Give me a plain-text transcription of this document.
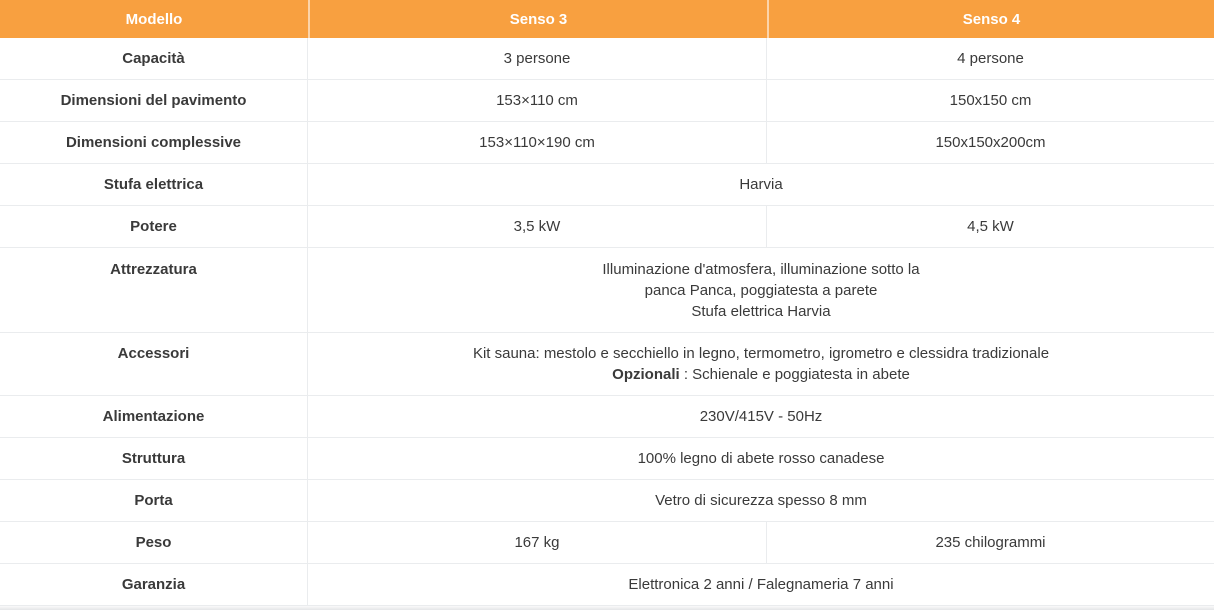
Modello	Senso 3	Senso 4
Capacità	3 persone	4 persone
Dimensioni del pavimento	153×110 cm	150x150 cm
Dimensioni complessive	153×110×190 cm	150x150x200cm
Stufa elettrica	Harvia	
Potere	3,5 kW	4,5 kW
Attrezzatura	Illuminazione d'atmosfera, illuminazione sotto la
panca Panca, poggiatesta a parete
Stufa elettrica Harvia	

Accessori	Kit sauna: mestolo e secchiello in legno, termometro, igrometro e clessidra tradizionale
Opzionali : Schienale e poggiatesta in abete	

Alimentazione	230V/415V - 50Hz	
Struttura	100% legno di abete rosso canadese	
Porta	Vetro di sicurezza spesso 8 mm	
Peso	167 kg	235 chilogrammi
Garanzia	Elettronica 2 anni / Falegnameria 7 anni	
